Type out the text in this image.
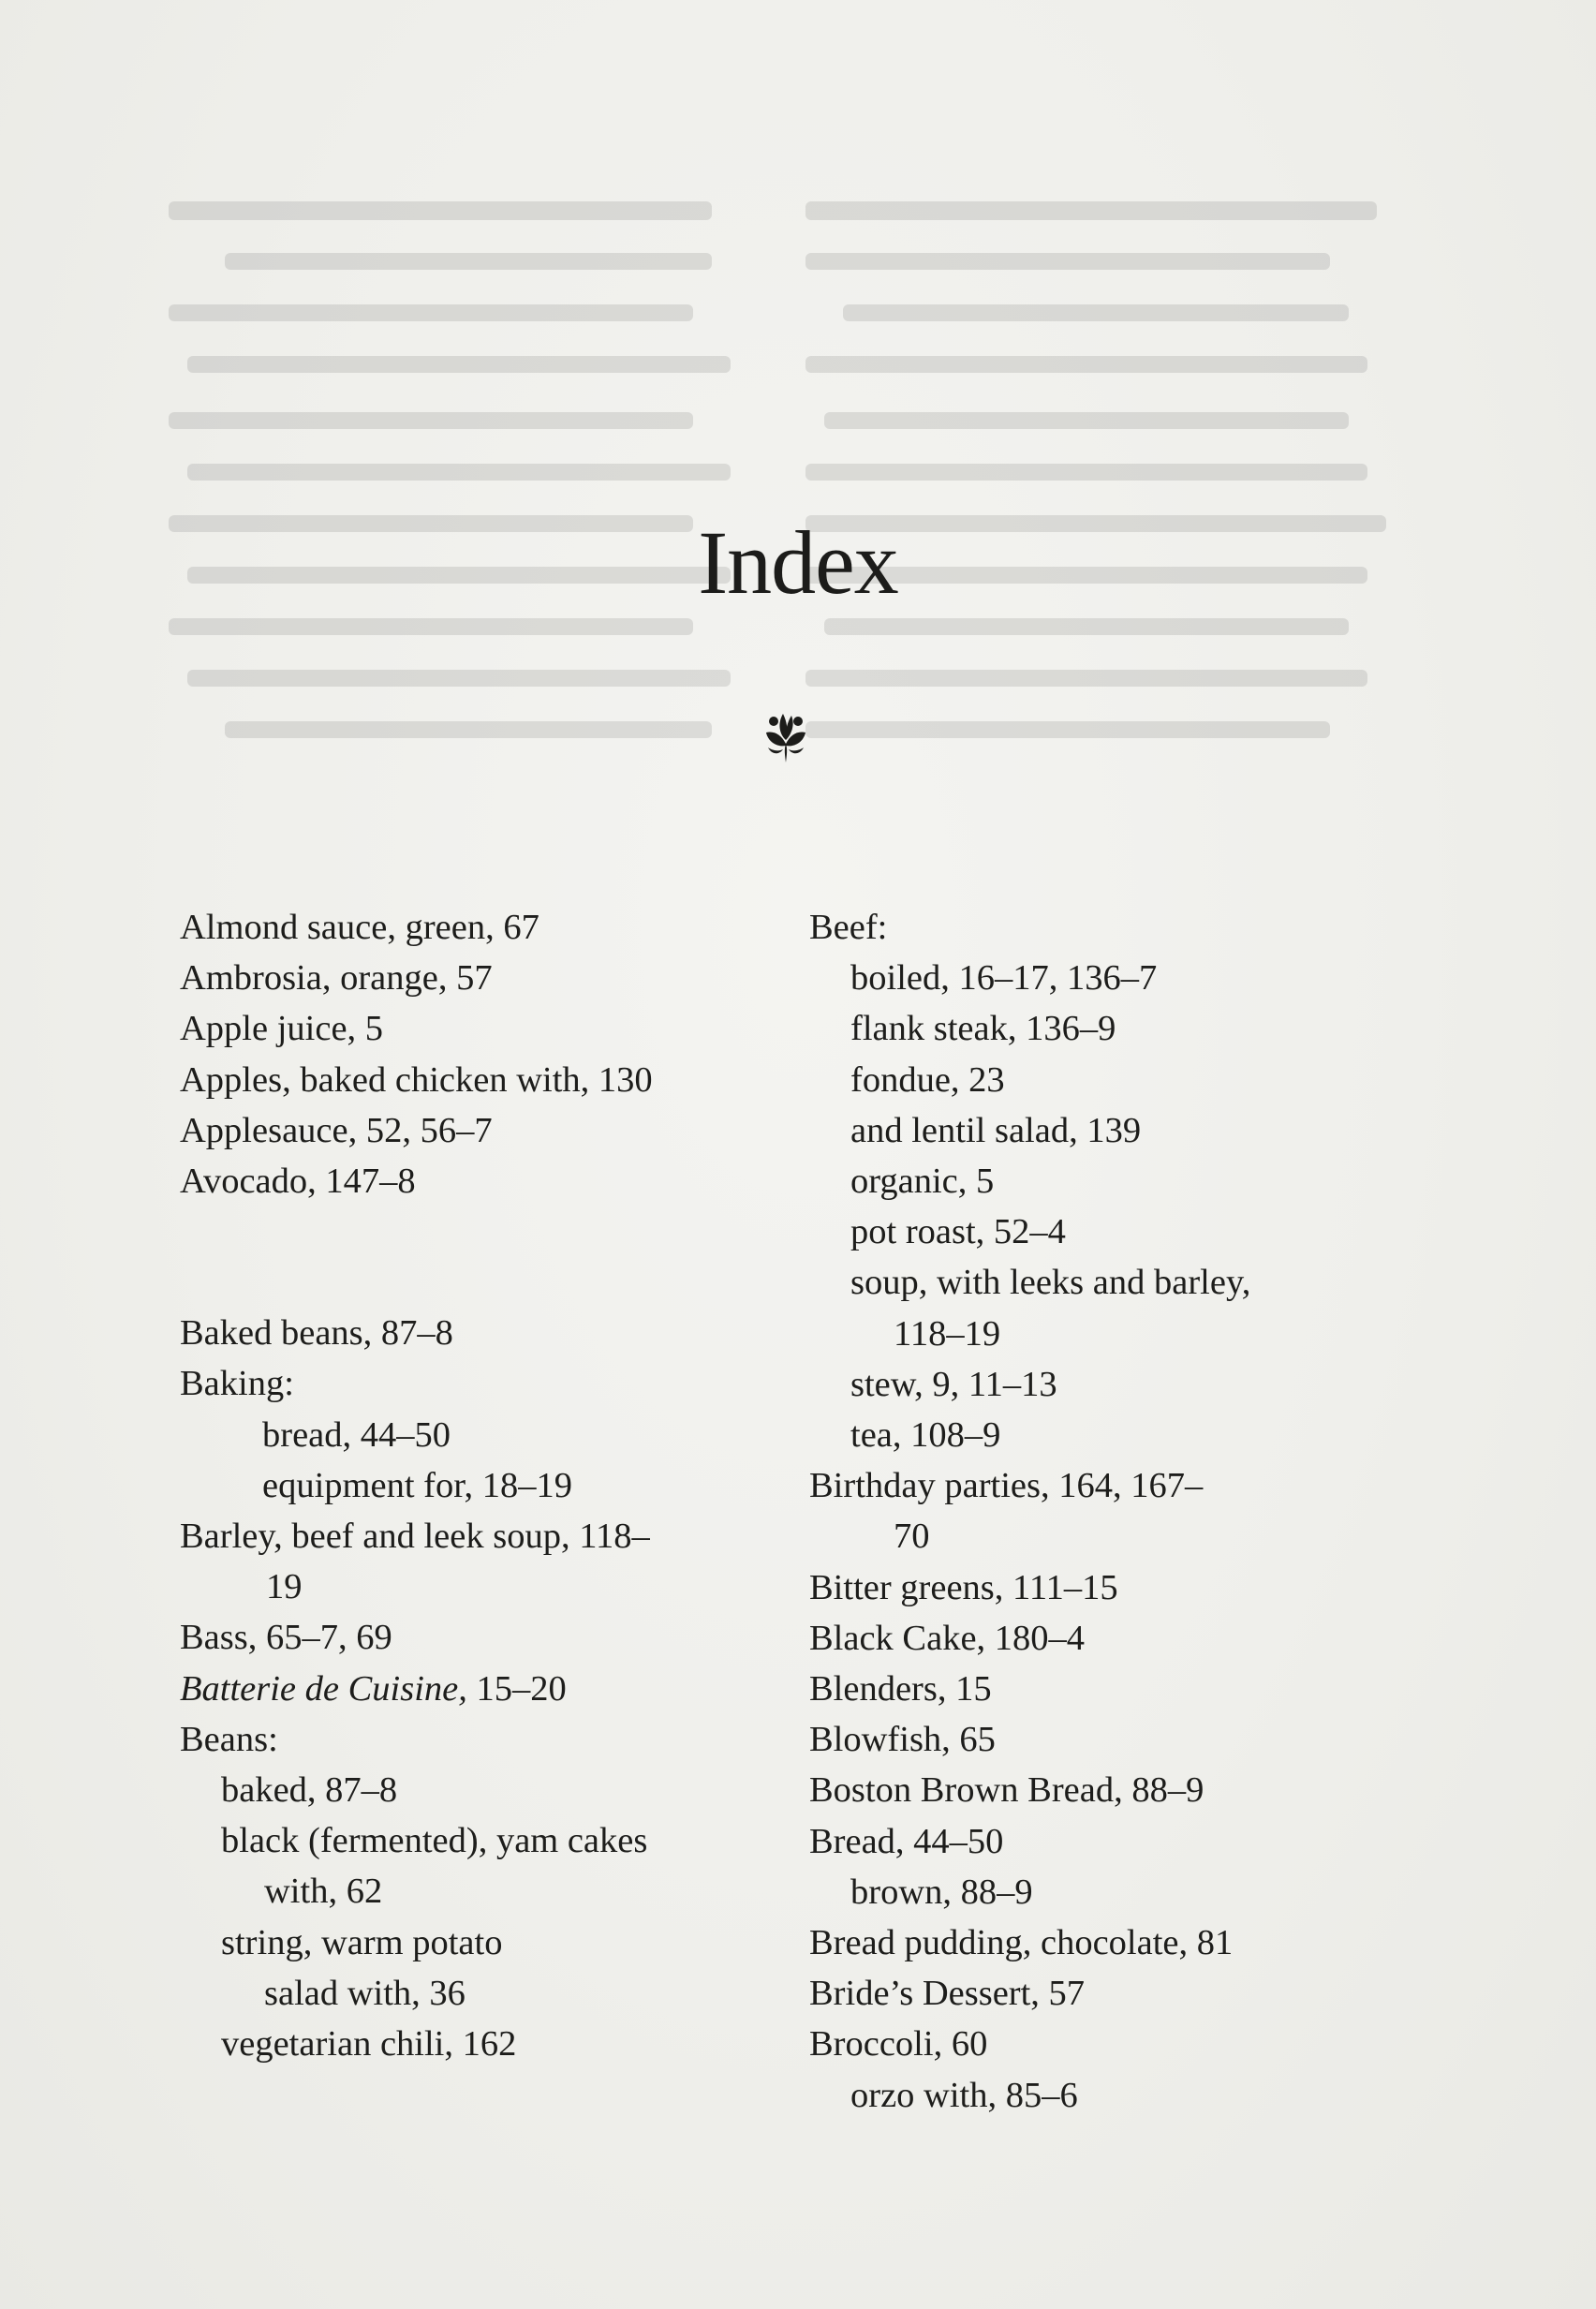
Index

Almond sauce, green, 67

Ambrosia, orange, 57

Apple juice, 5

Apples, baked chicken with, 130

Applesauce, 52, 56–7

Avocado, 147–8

Baked beans, 87–8

Baking:

bread, 44–50

equipment for, 18–19

Barley, beef and leek soup, 118–

19

Bass, 65–7, 69

Batterie de Cuisine, 15–20

Beans:

baked, 87–8

black (fermented), yam cakes

with, 62

string, warm potato

salad with, 36

vegetarian chili, 162

Beef:

boiled, 16–17, 136–7

flank steak, 136–9

fondue, 23

and lentil salad, 139

organic, 5

pot roast, 52–4

soup, with leeks and barley,

118–19

stew, 9, 11–13

tea, 108–9

Birthday parties, 164, 167–

70

Bitter greens, 111–15

Black Cake, 180–4

Blenders, 15

Blowfish, 65

Boston Brown Bread, 88–9

Bread, 44–50

brown, 88–9

Bread pudding, chocolate, 81

Bride’s Dessert, 57

Broccoli, 60

orzo with, 85–6
